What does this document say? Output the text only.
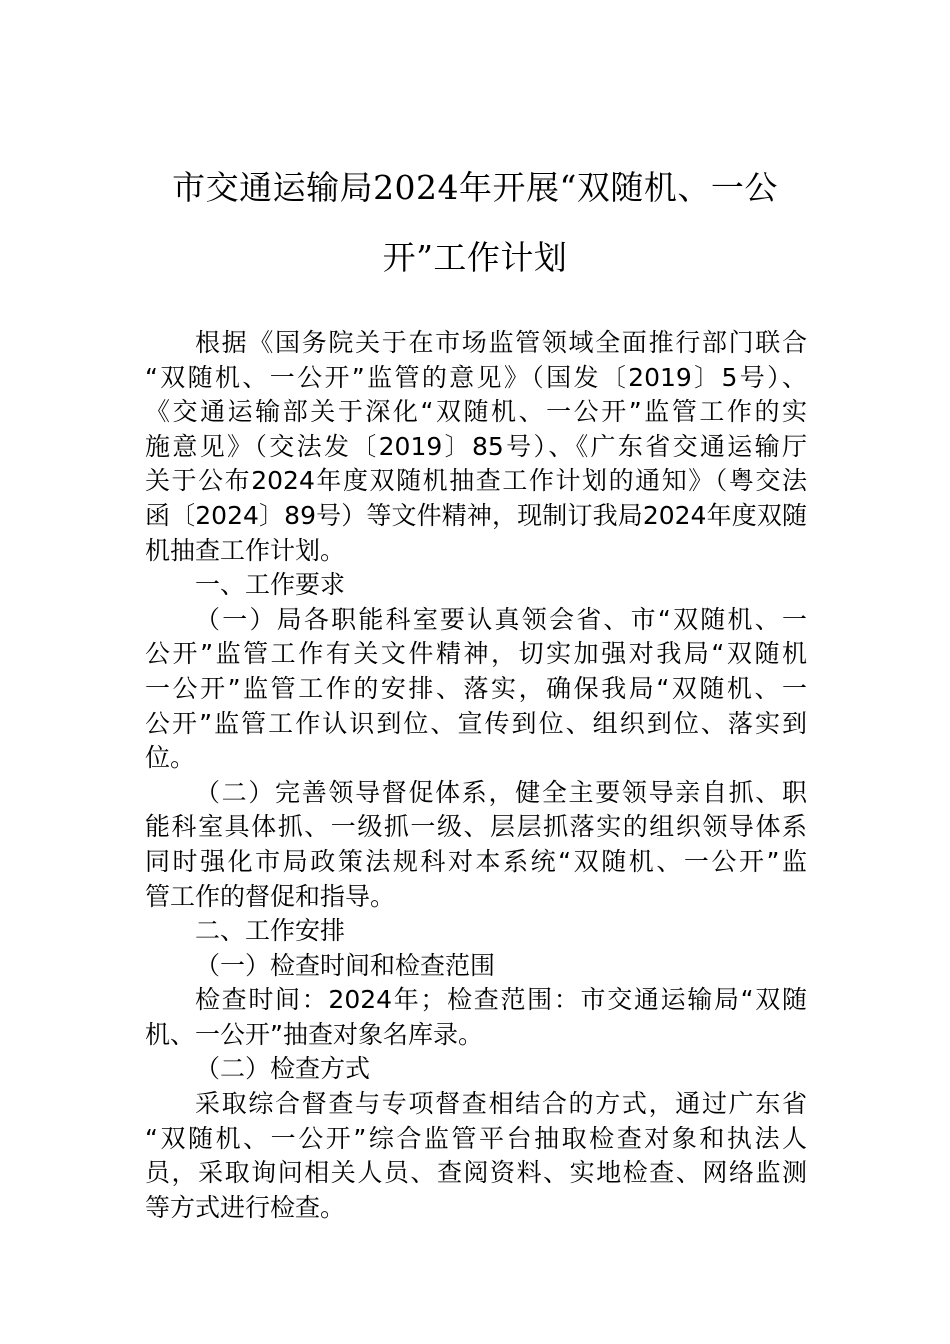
市交通运输局2024年开展“双随机、一公
开”工作计划
根据《国务院关于在市场监管领域全面推行部门联合
“双随机、一公开”监管的意见》（国发〔2019〕5号）、
《交通运输部关于深化“双随机、一公开”监管工作的实
施意见》（交法发〔2019〕85号）、《广东省交通运输厅
关于公布2024年度双随机抽查工作计划的通知》（粤交法
函〔2024〕89号）等文件精神，现制订我局2024年度双随
机抽查工作计划。
一、工作要求
（一）局各职能科室要认真领会省、市“双随机、一
公开”监管工作有关文件精神，切实加强对我局“双随机
一公开”监管工作的安排、落实，确保我局“双随机、一
公开”监管工作认识到位、宣传到位、组织到位、落实到
位。
（二）完善领导督促体系，健全主要领导亲自抓、职
能科室具体抓、一级抓一级、层层抓落实的组织领导体系
同时强化市局政策法规科对本系统“双随机、一公开”监
管工作的督促和指导。
二、工作安排
（一）检查时间和检查范围
检查时间：2024年；检查范围：市交通运输局“双随
机、一公开”抽查对象名库录。
（二）检查方式
采取综合督查与专项督查相结合的方式，通过广东省
“双随机、一公开”综合监管平台抽取检查对象和执法人
员，采取询问相关人员、查阅资料、实地检查、网络监测
等方式进行检查。
